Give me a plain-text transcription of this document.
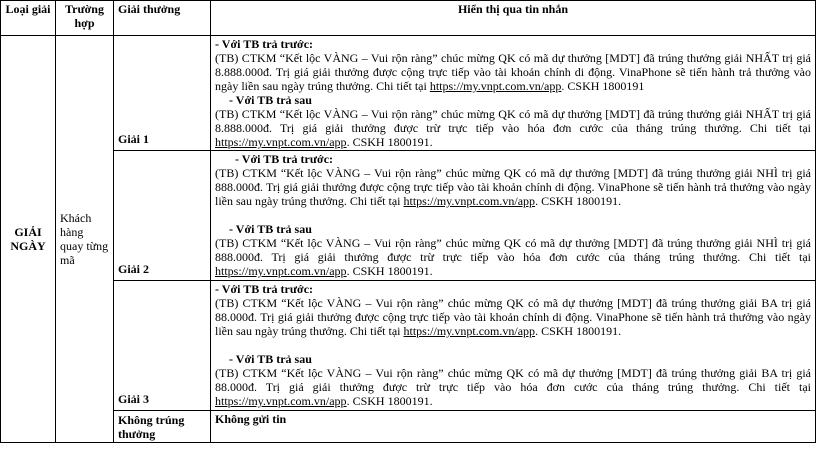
Loại giải	Trường hợp	Giải thưởng	Hiển thị qua tin nhắn
GIẢI NGÀY	Khách hàng quay từng mã	Giải 1	- Với TB trả trước:
(TB) CTKM “Kết lộc VÀNG – Vui rộn ràng” chúc mừng QK có mã dự thưởng [MDT] đã trúng thưởng giải NHẤT trị giá 8.888.000đ. Trị giá giải thưởng được cộng trực tiếp vào tài khoản chính di động. VinaPhone sẽ tiến hành trả thưởng vào ngày liền sau ngày trúng thưởng. Chi tiết tại https://my.vnpt.com.vn/app. CSKH 1800191
- Với TB trả sau
(TB) CTKM “Kết lộc VÀNG – Vui rộn ràng” chúc mừng QK có mã dự thưởng [MDT] đã trúng thưởng giải NHẤT trị giá 8.888.000đ. Trị giá giải thưởng được trừ trực tiếp vào hóa đơn cước của tháng trúng thưởng. Chi tiết tại https://my.vnpt.com.vn/app. CSKH 1800191.
		Giải 2	- Với TB trả trước:
(TB) CTKM “Kết lộc VÀNG – Vui rộn ràng” chúc mừng QK có mã dự thưởng [MDT] đã trúng thưởng giải NHÌ trị giá 888.000đ. Trị giá giải thưởng được cộng trực tiếp vào tài khoản chính di động. VinaPhone sẽ tiến hành trả thưởng vào ngày liền sau ngày trúng thưởng. Chi tiết tại https://my.vnpt.com.vn/app. CSKH 1800191.
- Với TB trả sau
(TB) CTKM “Kết lộc VÀNG – Vui rộn ràng” chúc mừng QK có mã dự thưởng [MDT] đã trúng thưởng giải NHÌ trị giá 888.000đ. Trị giá giải thưởng được trừ trực tiếp vào hóa đơn cước của tháng trúng thưởng. Chi tiết tại https://my.vnpt.com.vn/app. CSKH 1800191.
		Giải 3	- Với TB trả trước:
(TB) CTKM “Kết lộc VÀNG – Vui rộn ràng” chúc mừng QK có mã dự thưởng [MDT] đã trúng thưởng giải BA trị giá 88.000đ. Trị giá giải thưởng được cộng trực tiếp vào tài khoản chính di động. VinaPhone sẽ tiến hành trả thưởng vào ngày liền sau ngày trúng thưởng. Chi tiết tại https://my.vnpt.com.vn/app. CSKH 1800191.
- Với TB trả sau
(TB) CTKM “Kết lộc VÀNG – Vui rộn ràng” chúc mừng QK có mã dự thưởng [MDT] đã trúng thưởng giải BA trị giá 88.000đ. Trị giá giải thưởng được trừ trực tiếp vào hóa đơn cước của tháng trúng thưởng. Chi tiết tại https://my.vnpt.com.vn/app. CSKH 1800191.
		Không trúng thưởng	Không gửi tin
